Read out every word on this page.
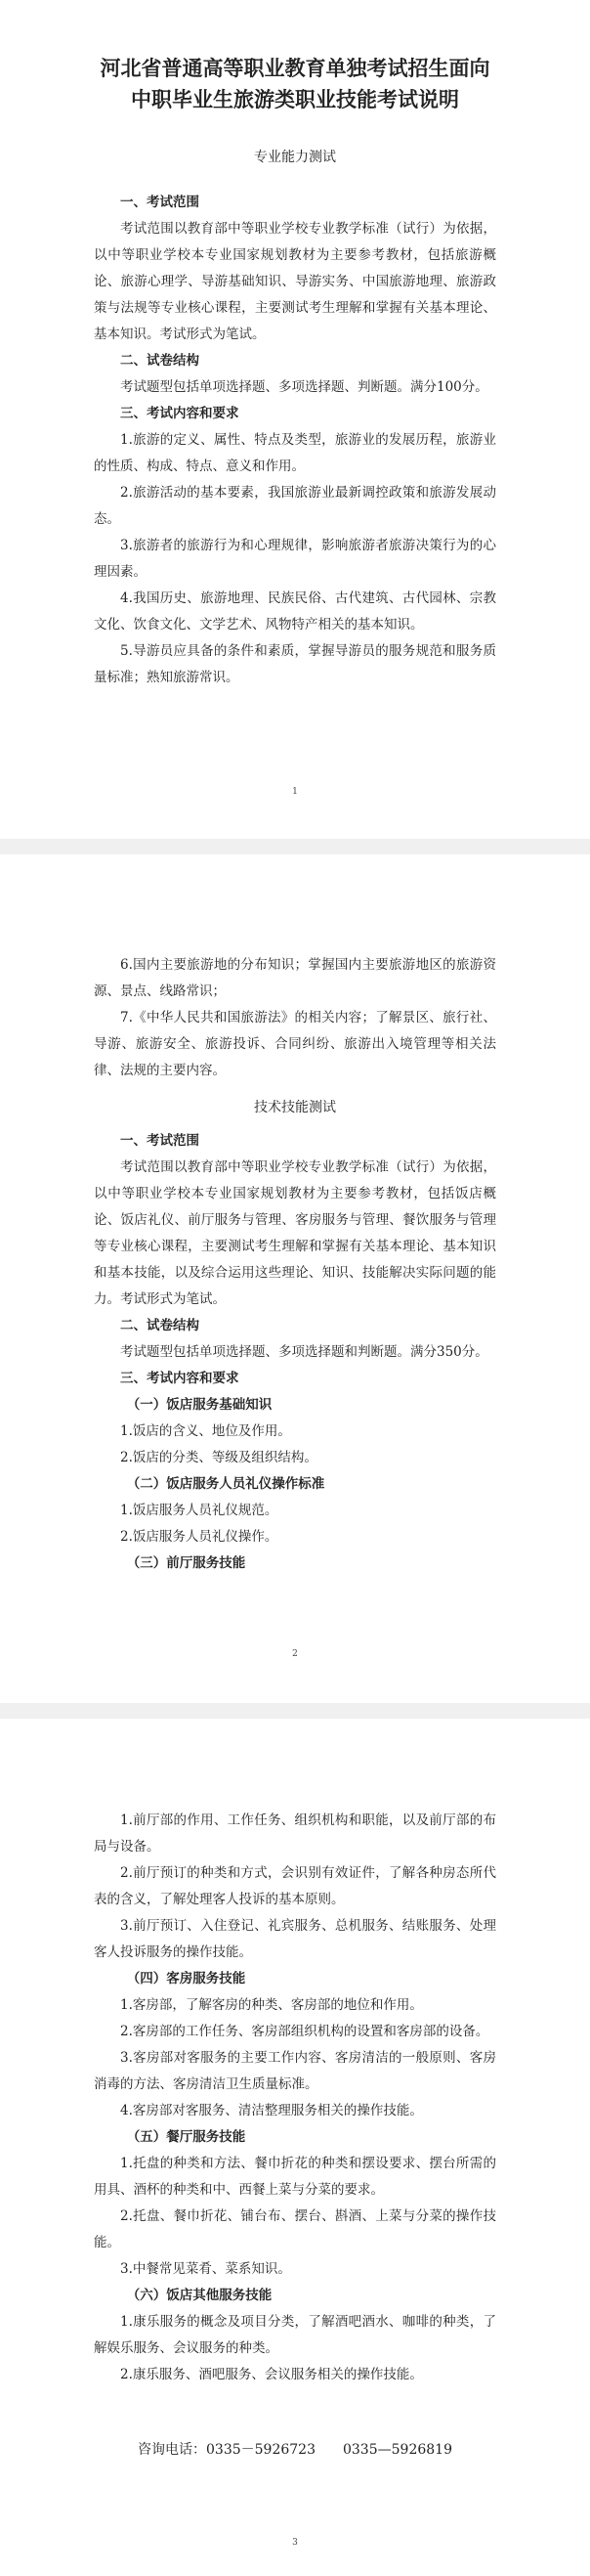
河北省普通高等职业教育单独考试招生面向
中职毕业生旅游类职业技能考试说明
专业能力测试

一、考试范围

考试范围以教育部中等职业学校专业教学标准（试行）为依据，以中等职业学校本专业国家规划教材为主要参考教材，包括旅游概论、旅游心理学、导游基础知识、导游实务、中国旅游地理、旅游政策与法规等专业核心课程，主要测试考生理解和掌握有关基本理论、基本知识。考试形式为笔试。

二、试卷结构

考试题型包括单项选择题、多项选择题、判断题。满分100分。

三、考试内容和要求

1.旅游的定义、属性、特点及类型，旅游业的发展历程，旅游业的性质、构成、特点、意义和作用。

2.旅游活动的基本要素，我国旅游业最新调控政策和旅游发展动态。

3.旅游者的旅游行为和心理规律，影响旅游者旅游决策行为的心理因素。

4.我国历史、旅游地理、民族民俗、古代建筑、古代园林、宗教文化、饮食文化、文学艺术、风物特产相关的基本知识。

5.导游员应具备的条件和素质，掌握导游员的服务规范和服务质量标准；熟知旅游常识。

1

6.国内主要旅游地的分布知识；掌握国内主要旅游地区的旅游资源、景点、线路常识；

7.《中华人民共和国旅游法》的相关内容；了解景区、旅行社、导游、旅游安全、旅游投诉、合同纠纷、旅游出入境管理等相关法律、法规的主要内容。

技术技能测试

一、考试范围

考试范围以教育部中等职业学校专业教学标准（试行）为依据，以中等职业学校本专业国家规划教材为主要参考教材，包括饭店概论、饭店礼仪、前厅服务与管理、客房服务与管理、餐饮服务与管理等专业核心课程，主要测试考生理解和掌握有关基本理论、基本知识和基本技能，以及综合运用这些理论、知识、技能解决实际问题的能力。考试形式为笔试。

二、试卷结构

考试题型包括单项选择题、多项选择题和判断题。满分350分。

三、考试内容和要求

（一）饭店服务基础知识

1.饭店的含义、地位及作用。

2.饭店的分类、等级及组织结构。

（二）饭店服务人员礼仪操作标准

1.饭店服务人员礼仪规范。

2.饭店服务人员礼仪操作。

（三）前厅服务技能

2

1.前厅部的作用、工作任务、组织机构和职能，以及前厅部的布局与设备。

2.前厅预订的种类和方式，会识别有效证件，了解各种房态所代表的含义，了解处理客人投诉的基本原则。

3.前厅预订、入住登记、礼宾服务、总机服务、结账服务、处理客人投诉服务的操作技能。

（四）客房服务技能

1.客房部，了解客房的种类、客房部的地位和作用。

2.客房部的工作任务、客房部组织机构的设置和客房部的设备。

3.客房部对客服务的主要工作内容、客房清洁的一般原则、客房消毒的方法、客房清洁卫生质量标准。

4.客房部对客服务、清洁整理服务相关的操作技能。

（五）餐厅服务技能

1.托盘的种类和方法、餐巾折花的种类和摆设要求、摆台所需的用具、酒杯的种类和中、西餐上菜与分菜的要求。

2.托盘、餐巾折花、铺台布、摆台、斟酒、上菜与分菜的操作技能。

3.中餐常见菜肴、菜系知识。

（六）饭店其他服务技能

1.康乐服务的概念及项目分类，了解酒吧酒水、咖啡的种类，了解娱乐服务、会议服务的种类。

2.康乐服务、酒吧服务、会议服务相关的操作技能。

咨询电话：0335－5926723　　0335—5926819
3
